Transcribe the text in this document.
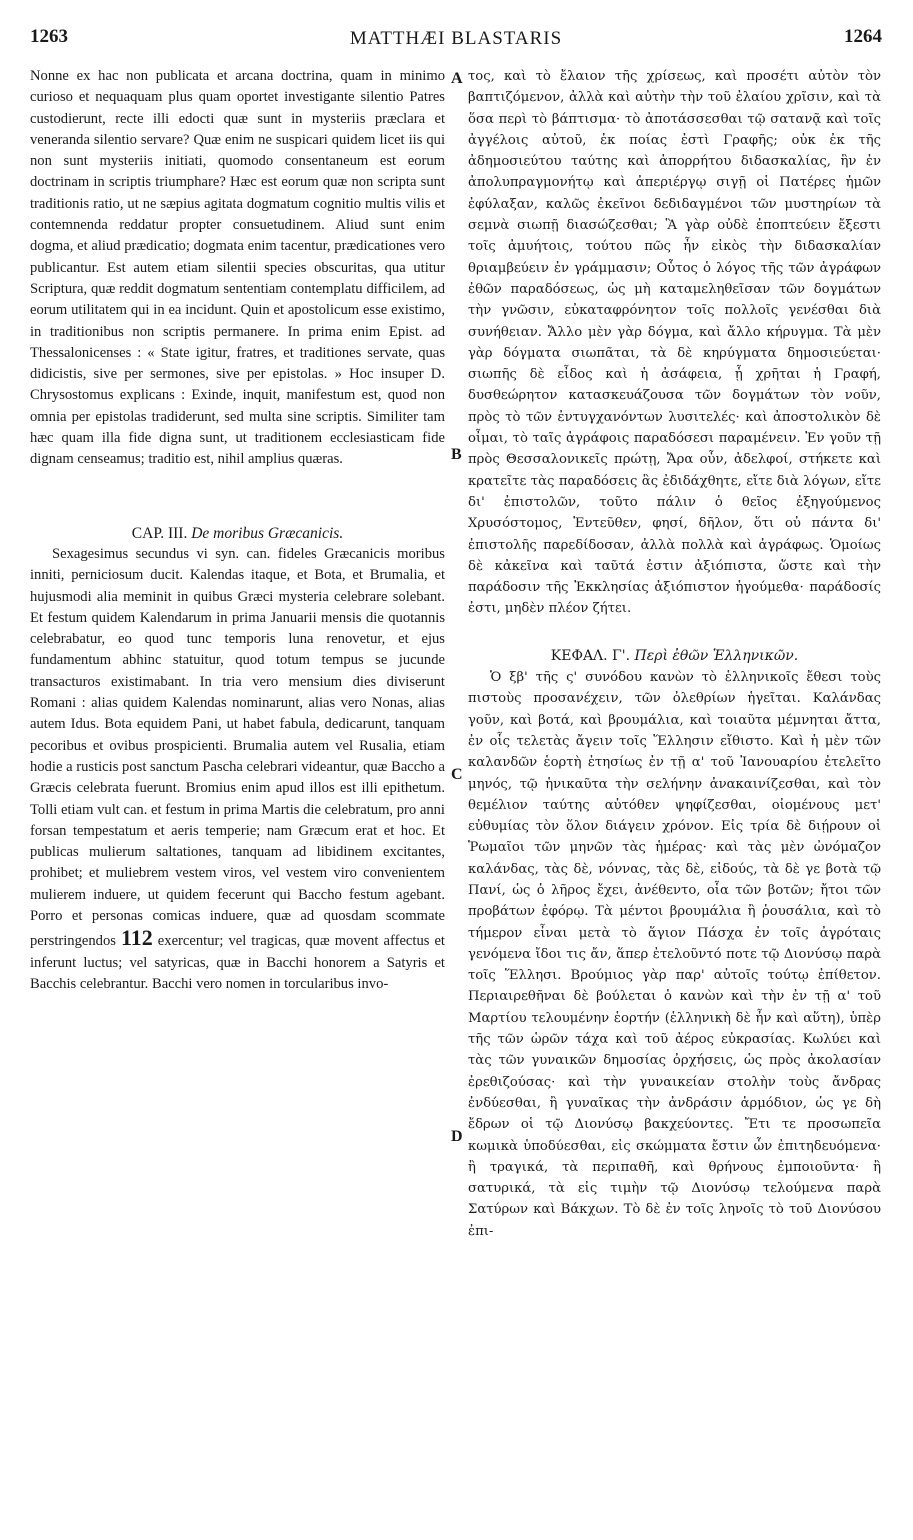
1263	MATTHÆI BLASTARIS	1264
A
B
C
D

Nonne ex hac non publicata et arcana doctrina, quam in minimo curioso et nequaquam plus quam oportet investigante silentio Patres custodierunt, recte illi edocti quæ sunt in mysteriis præclara et veneranda silentio servare? Quæ enim ne suspicari quidem licet iis qui non sunt mysteriis initiati, quomodo consentaneum est eorum doctrinam in scriptis triumphare? Hæc est eorum quæ non scripta sunt traditionis ratio, ut ne sæpius agitata dogmatum cognitio multis vilis et contemnenda reddatur propter consuetudinem. Aliud sunt enim dogma, et aliud prædicatio; dogmata enim tacentur, prædicationes vero publicantur. Est autem etiam silentii species obscuritas, qua utitur Scriptura, quæ reddit dogmatum sententiam contemplatu difficilem, ad eorum utilitatem qui in ea incidunt. Quin et apostolicum esse existimo, in traditionibus non scriptis permanere. In prima enim Epist. ad Thessalonicenses : « State igitur, fratres, et traditiones servate, quas didicistis, sive per sermones, sive per epistolas. » Hoc insuper D. Chrysostomus explicans : Exinde, inquit, manifestum est, quod non omnia per epistolas tradiderunt, sed multa sine scriptis. Similiter tam hæc quam illa fide digna sunt, ut traditionem ecclesiasticam fide dignam censeamus; traditio est, nihil amplius quæras.

CAP. III. De moribus Græcanicis.

Sexagesimus secundus vi syn. can. fideles Græcanicis moribus inniti, perniciosum ducit. Kalendas itaque, et Bota, et Brumalia, et hujusmodi alia meminit in quibus Græci mysteria celebrare solebant. Et festum quidem Kalendarum in prima Januarii mensis die quotannis celebrabatur, eo quod tunc temporis luna renovetur, et ejus fundamentum abhinc statuitur, quod totum tempus se jucunde transacturos existimabant. In tria vero mensium dies diviserunt Romani : alias quidem Kalendas nominarunt, alias vero Nonas, alias autem Idus. Bota equidem Pani, ut habet fabula, dedicarunt, tanquam pecoribus et ovibus prospicienti. Brumalia autem vel Rusalia, etiam hodie a rusticis post sanctum Pascha celebrari videantur, quæ Baccho a Græcis celebrata fuerunt. Bromius enim apud illos est illi epithetum. Tolli etiam vult can. et festum in prima Martis die celebratum, pro anni forsan tempestatum et aeris temperie; nam Græcum erat et hoc. Et publicas mulierum saltationes, tanquam ad libidinem excitantes, prohibet; et muliebrem vestem viros, vel vestem viro convenientem mulierem induere, ut quidem fecerunt qui Baccho festum agebant. Porro et personas comicas induere, quæ ad quosdam scommate perstringendos 112 exercentur; vel tragicas, quæ movent affectus et inferunt luctus; vel satyricas, quæ in Bacchi honorem a Satyris et Bacchis celebrantur. Bacchi vero nomen in torcularibus invo-

τος, καὶ τὸ ἔλαιον τῆς χρίσεως, καὶ προσέτι αὐτὸν τὸν βαπτιζόμενον, ἀλλὰ καὶ αὐτὴν τὴν τοῦ ἐλαίου χρῖσιν, καὶ τὰ ὅσα περὶ τὸ βάπτισμα· τὸ ἀποτάσσεσθαι τῷ σατανᾷ καὶ τοῖς ἀγγέλοις αὐτοῦ, ἐκ ποίας ἐστὶ Γραφῆς; οὐκ ἐκ τῆς ἀδημοσιεύτου ταύτης καὶ ἀπορρήτου διδασκαλίας, ἣν ἐν ἀπολυπραγμονήτῳ καὶ ἀπεριέργῳ σιγῇ οἱ Πατέρες ἡμῶν ἐφύλαξαν, καλῶς ἐκεῖνοι δεδιδαγμένοι τῶν μυστηρίων τὰ σεμνὰ σιωπῇ διασώζεσθαι; Ἃ γὰρ οὐδὲ ἐποπτεύειν ἔξεστι τοῖς ἀμυήτοις, τούτου πῶς ἦν εἰκὸς τὴν διδασκαλίαν θριαμβεύειν ἐν γράμμασιν; Οὗτος ὁ λόγος τῆς τῶν ἀγράφων ἐθῶν παραδόσεως, ὡς μὴ καταμεληθεῖσαν τῶν δογμάτων τὴν γνῶσιν, εὐκαταφρόνητον τοῖς πολλοῖς γενέσθαι διὰ συνήθειαν. Ἄλλο μὲν γὰρ δόγμα, καὶ ἄλλο κήρυγμα. Τὰ μὲν γὰρ δόγματα σιωπᾶται, τὰ δὲ κηρύγματα δημοσιεύεται· σιωπῆς δὲ εἶδος καὶ ἡ ἀσάφεια, ᾗ χρῆται ἡ Γραφή, δυσθεώρητον κατασκευάζουσα τῶν δογμάτων τὸν νοῦν, πρὸς τὸ τῶν ἐντυγχανόντων λυσιτελές· καὶ ἀποστολικὸν δὲ οἶμαι, τὸ ταῖς ἀγράφοις παραδόσεσι παραμένειν. Ἐν γοῦν τῇ πρὸς Θεσσαλονικεῖς πρώτῃ, Ἄρα οὖν, ἀδελφοί, στήκετε καὶ κρατεῖτε τὰς παραδόσεις ἃς ἐδιδάχθητε, εἴτε διὰ λόγων, εἴτε δι' ἐπιστολῶν, τοῦτο πάλιν ὁ θεῖος ἐξηγούμενος Χρυσόστομος, Ἐντεῦθεν, φησί, δῆλον, ὅτι οὐ πάντα δι' ἐπιστολῆς παρεδίδοσαν, ἀλλὰ πολλὰ καὶ ἀγράφως. Ὁμοίως δὲ κἀκεῖνα καὶ ταῦτά ἐστιν ἀξιόπιστα, ὥστε καὶ τὴν παράδοσιν τῆς Ἐκκλησίας ἀξιόπιστον ἡγούμεθα· παράδοσίς ἐστι, μηδὲν πλέον ζήτει.

ΚΕΦΑΛ. Γ'. Περὶ ἐθῶν Ἑλληνικῶν.

Ὁ ξβ' τῆς ς' συνόδου κανὼν τὸ ἑλληνικοῖς ἔθεσι τοὺς πιστοὺς προσανέχειν, τῶν ὀλεθρίων ἡγεῖται. Καλάνδας γοῦν, καὶ βοτά, καὶ βρουμάλια, καὶ τοιαῦτα μέμνηται ἄττα, ἐν οἷς τελετὰς ἄγειν τοῖς Ἕλλησιν εἴθιστο. Καὶ ἡ μὲν τῶν καλανδῶν ἑορτὴ ἐτησίως ἐν τῇ α' τοῦ Ἰανουαρίου ἐτελεῖτο μηνός, τῷ ἡνικαῦτα τὴν σελήνην ἀνακαινίζεσθαι, καὶ τὸν θεμέλιον ταύτης αὐτόθεν ψηφίζεσθαι, οἰομένους μετ' εὐθυμίας τὸν ὅλον διάγειν χρόνον. Εἰς τρία δὲ διῄρουν οἱ Ῥωμαῖοι τῶν μηνῶν τὰς ἡμέρας· καὶ τὰς μὲν ὠνόμαζον καλάνδας, τὰς δὲ, νόννας, τὰς δὲ, εἰδούς, τὰ δὲ γε βοτὰ τῷ Πανί, ὡς ὁ λῆρος ἔχει, ἀνέθεντο, οἷα τῶν βοτῶν; ἤτοι τῶν προβάτων ἐφόρῳ. Τὰ μέντοι βρουμάλια ἢ ῥουσάλια, καὶ τὸ τήμερον εἶναι μετὰ τὸ ἅγιον Πάσχα ἐν τοῖς ἀγρόταις γενόμενα ἴδοι τις ἄν, ἅπερ ἐτελοῦντό ποτε τῷ Διονύσῳ παρὰ τοῖς Ἕλλησι. Βρούμιος γὰρ παρ' αὐτοῖς τούτῳ ἐπίθετον. Περιαιρεθῆναι δὲ βούλεται ὁ κανὼν καὶ τὴν ἐν τῇ α' τοῦ Μαρτίου τελουμένην ἑορτήν (ἑλληνικὴ δὲ ἦν καὶ αὕτη), ὑπὲρ τῆς τῶν ὡρῶν τάχα καὶ τοῦ ἀέρος εὐκρασίας. Κωλύει καὶ τὰς τῶν γυναικῶν δημοσίας ὀρχήσεις, ὡς πρὸς ἀκολασίαν ἐρεθιζούσας· καὶ τὴν γυναικείαν στολὴν τοὺς ἄνδρας ἐνδύεσθαι, ἢ γυναῖκας τὴν ἀνδράσιν ἁρμόδιον, ὡς γε δὴ ἔδρων οἱ τῷ Διονύσῳ βακχεύοντες. Ἔτι τε προσωπεῖα κωμικὰ ὑποδύεσθαι, εἰς σκώμματα ἔστιν ὧν ἐπιτηδευόμενα· ἢ τραγικά, τὰ περιπαθῆ, καὶ θρήνους ἐμποιοῦντα· ἢ σατυρικά, τὰ εἰς τιμὴν τῷ Διονύσῳ τελούμενα παρὰ Σατύρων καὶ Βάκχων. Τὸ δὲ ἐν τοῖς ληνοῖς τὸ τοῦ Διονύσου ἐπι-
